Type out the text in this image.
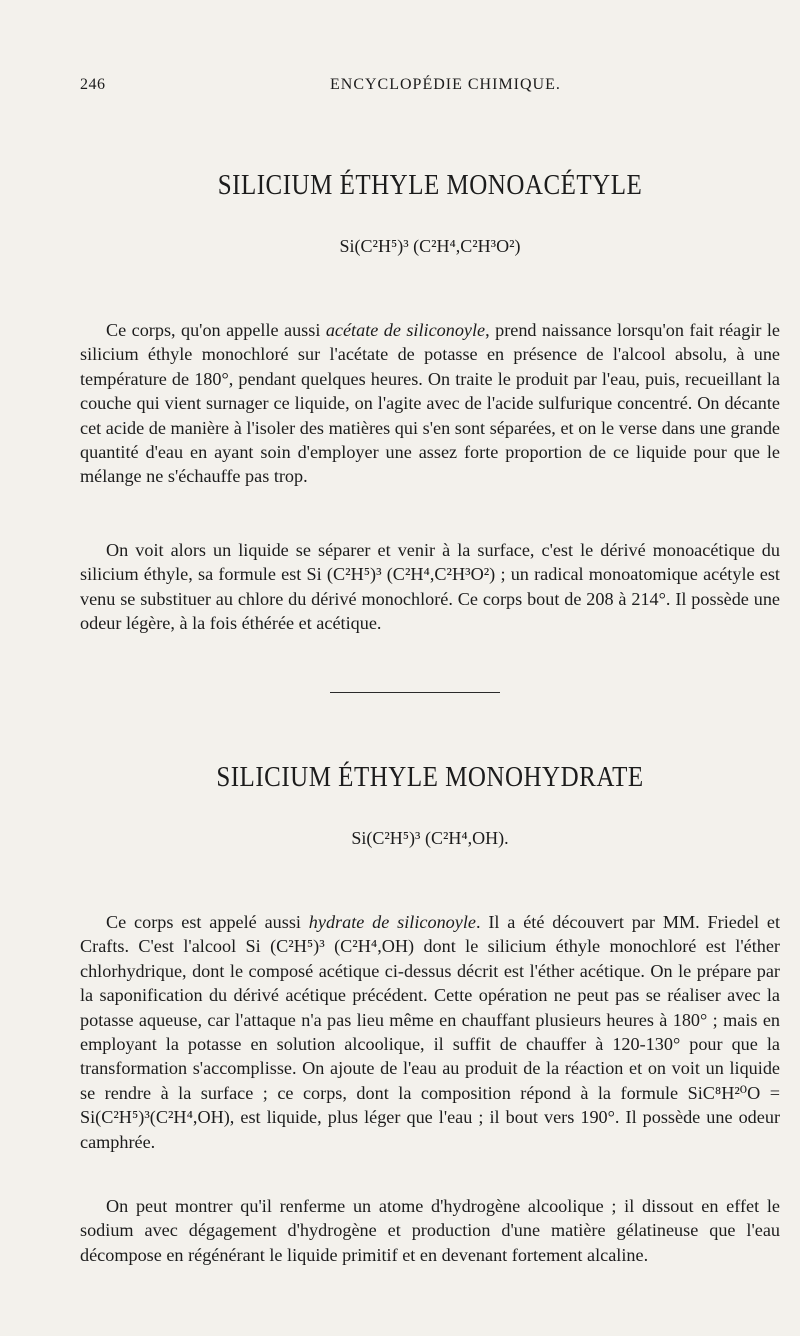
246	ENCYCLOPÉDIE CHIMIQUE.
SILICIUM ÉTHYLE MONOACÉTYLE
Si(C²H⁵)³ (C²H⁴,C²H³O²)

Ce corps, qu'on appelle aussi acétate de siliconoyle, prend naissance lorsqu'on fait réagir le silicium éthyle monochloré sur l'acétate de potasse en présence de l'alcool absolu, à une température de 180°, pendant quelques heures. On traite le produit par l'eau, puis, recueillant la couche qui vient surnager ce liquide, on l'agite avec de l'acide sulfurique concentré. On décante cet acide de manière à l'isoler des matières qui s'en sont séparées, et on le verse dans une grande quantité d'eau en ayant soin d'employer une assez forte proportion de ce liquide pour que le mélange ne s'échauffe pas trop.

On voit alors un liquide se séparer et venir à la surface, c'est le dérivé monoacétique du silicium éthyle, sa formule est Si (C²H⁵)³ (C²H⁴,C²H³O²) ; un radical monoatomique acétyle est venu se substituer au chlore du dérivé monochloré. Ce corps bout de 208 à 214°. Il possède une odeur légère, à la fois éthérée et acétique.

SILICIUM ÉTHYLE MONOHYDRATE
Si(C²H⁵)³ (C²H⁴,OH).

Ce corps est appelé aussi hydrate de siliconoyle. Il a été découvert par MM. Friedel et Crafts. C'est l'alcool Si (C²H⁵)³ (C²H⁴,OH) dont le silicium éthyle monochloré est l'éther chlorhydrique, dont le composé acétique ci-dessus décrit est l'éther acétique. On le prépare par la saponification du dérivé acétique précédent. Cette opération ne peut pas se réaliser avec la potasse aqueuse, car l'attaque n'a pas lieu même en chauffant plusieurs heures à 180° ; mais en employant la potasse en solution alcoolique, il suffit de chauffer à 120-130° pour que la transformation s'accomplisse. On ajoute de l'eau au produit de la réaction et on voit un liquide se rendre à la surface ; ce corps, dont la composition répond à la formule SiC⁸H²⁰O = Si(C²H⁵)³(C²H⁴,OH), est liquide, plus léger que l'eau ; il bout vers 190°. Il possède une odeur camphrée.

On peut montrer qu'il renferme un atome d'hydrogène alcoolique ; il dissout en effet le sodium avec dégagement d'hydrogène et production d'une matière gélatineuse que l'eau décompose en régénérant le liquide primitif et en devenant fortement alcaline.
